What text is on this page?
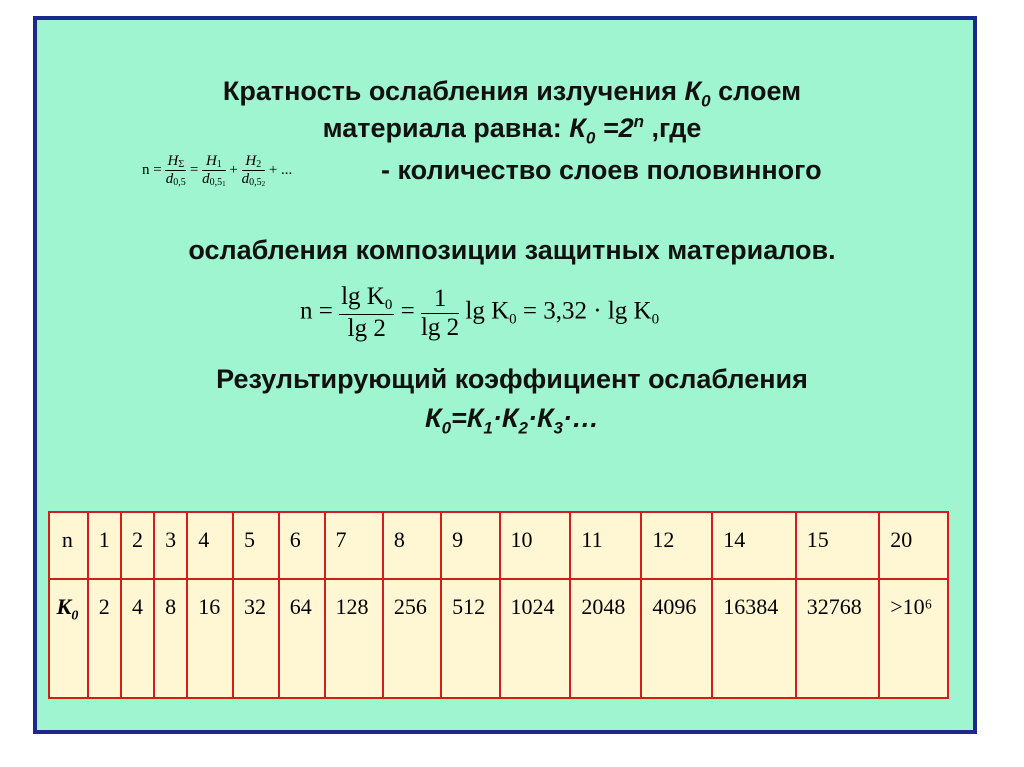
Кратность ослабления излучения $К_0$ слоем

материала равна: $К_0 =2^n$ ,где

$n = \frac{H\Sigma}{d0,5} = \frac{H1}{d0,5_1} + \frac{H2}{d0,5_2}$ + ...	- количество слоев половинного

ослабления композиции защитных материалов.

$n = \frac{\lg K_0}{\lg 2} = \frac{1}{\lg 2}$ $\lg K_0 = 3,32 \cdot \lg K_0$

Результирующий коэффициент ослабления

$К_0=К_1\cdot К_2\cdot К_3\cdot\dots$

n	1	2	3	4	5	6	7	8	9	10	11	12	14	15	20
$К_0$	2	4	8	16	32	64	128	256	512	1024	2048	4096	16384	32768	>10⁶
